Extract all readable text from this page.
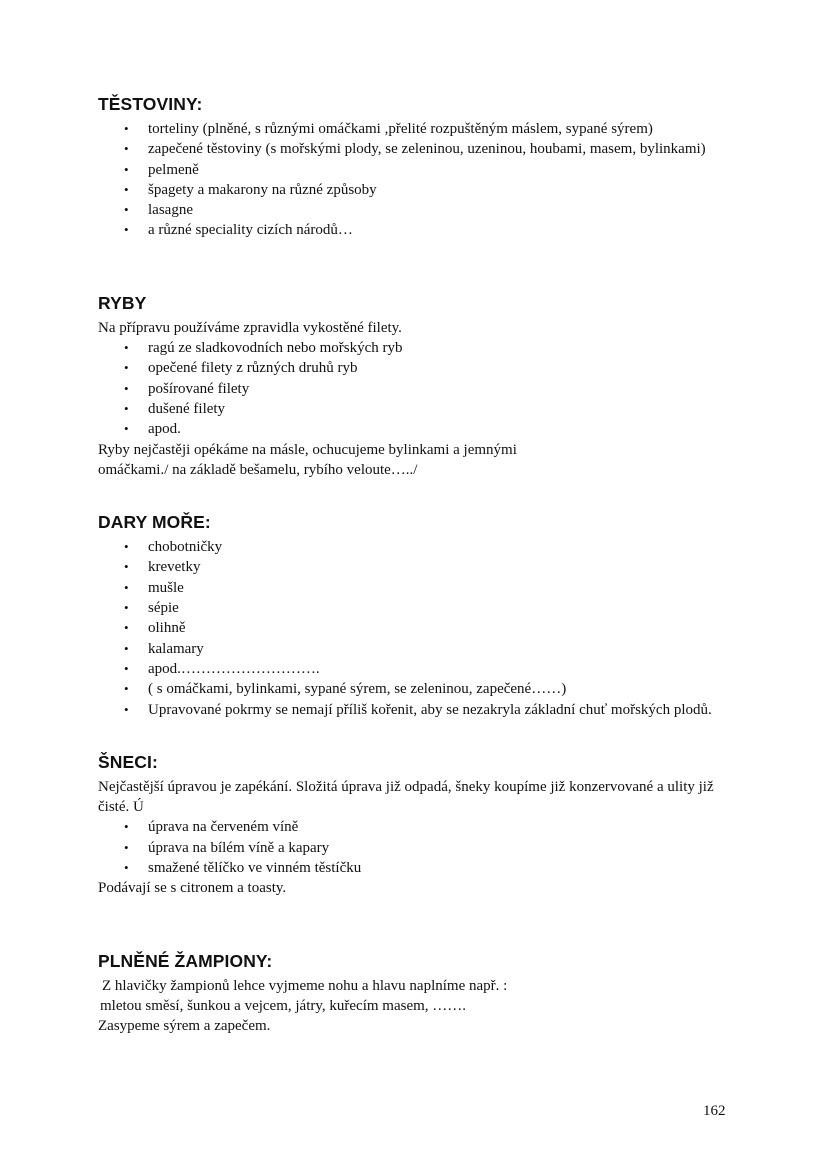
TĚSTOVINY:
• torteliny (plněné, s různými omáčkami ,přelité rozpuštěným máslem, sypané sýrem)
• zapečené těstoviny (s mořskými plody, se zeleninou, uzeninou, houbami, masem, bylinkami)
• pelmeně
• špagety a makarony na různé způsoby
• lasagne
• a různé speciality cizích národů…
RYBY

Na přípravu používáme zpravidla vykostěné filety.

• ragú ze sladkovodních nebo mořských ryb
• opečené filety z různých druhů ryb
• pošírované filety
• dušené filety
• apod.

Ryby nejčastěji opékáme na másle, ochucujeme bylinkami a jemnými

omáčkami./ na základě bešamelu, rybího veloute…../

DARY MOŘE:
• chobotničky
• krevetky
• mušle
• sépie
• olihně
• kalamary
• apod.……………………….
• ( s omáčkami, bylinkami, sypané sýrem, se zeleninou, zapečené……)
• Upravované pokrmy se nemají příliš kořenit, aby se nezakryla základní chuť mořských plodů.
ŠNECI:

Nejčastější úpravou je zapékání. Složitá úprava již odpadá, šneky koupíme již konzervované a ulity již čisté. Ú

• úprava na červeném víně
• úprava na bílém víně a kapary
• smažené tělíčko ve vinném těstíčku

Podávají se s citronem a toasty.

PLNĚNÉ ŽAMPIONY:

Z hlavičky žampionů lehce vyjmeme nohu a hlavu naplníme např. :

mletou směsí, šunkou a vejcem, játry, kuřecím masem, …….

Zasypeme sýrem a zapečem.

162
